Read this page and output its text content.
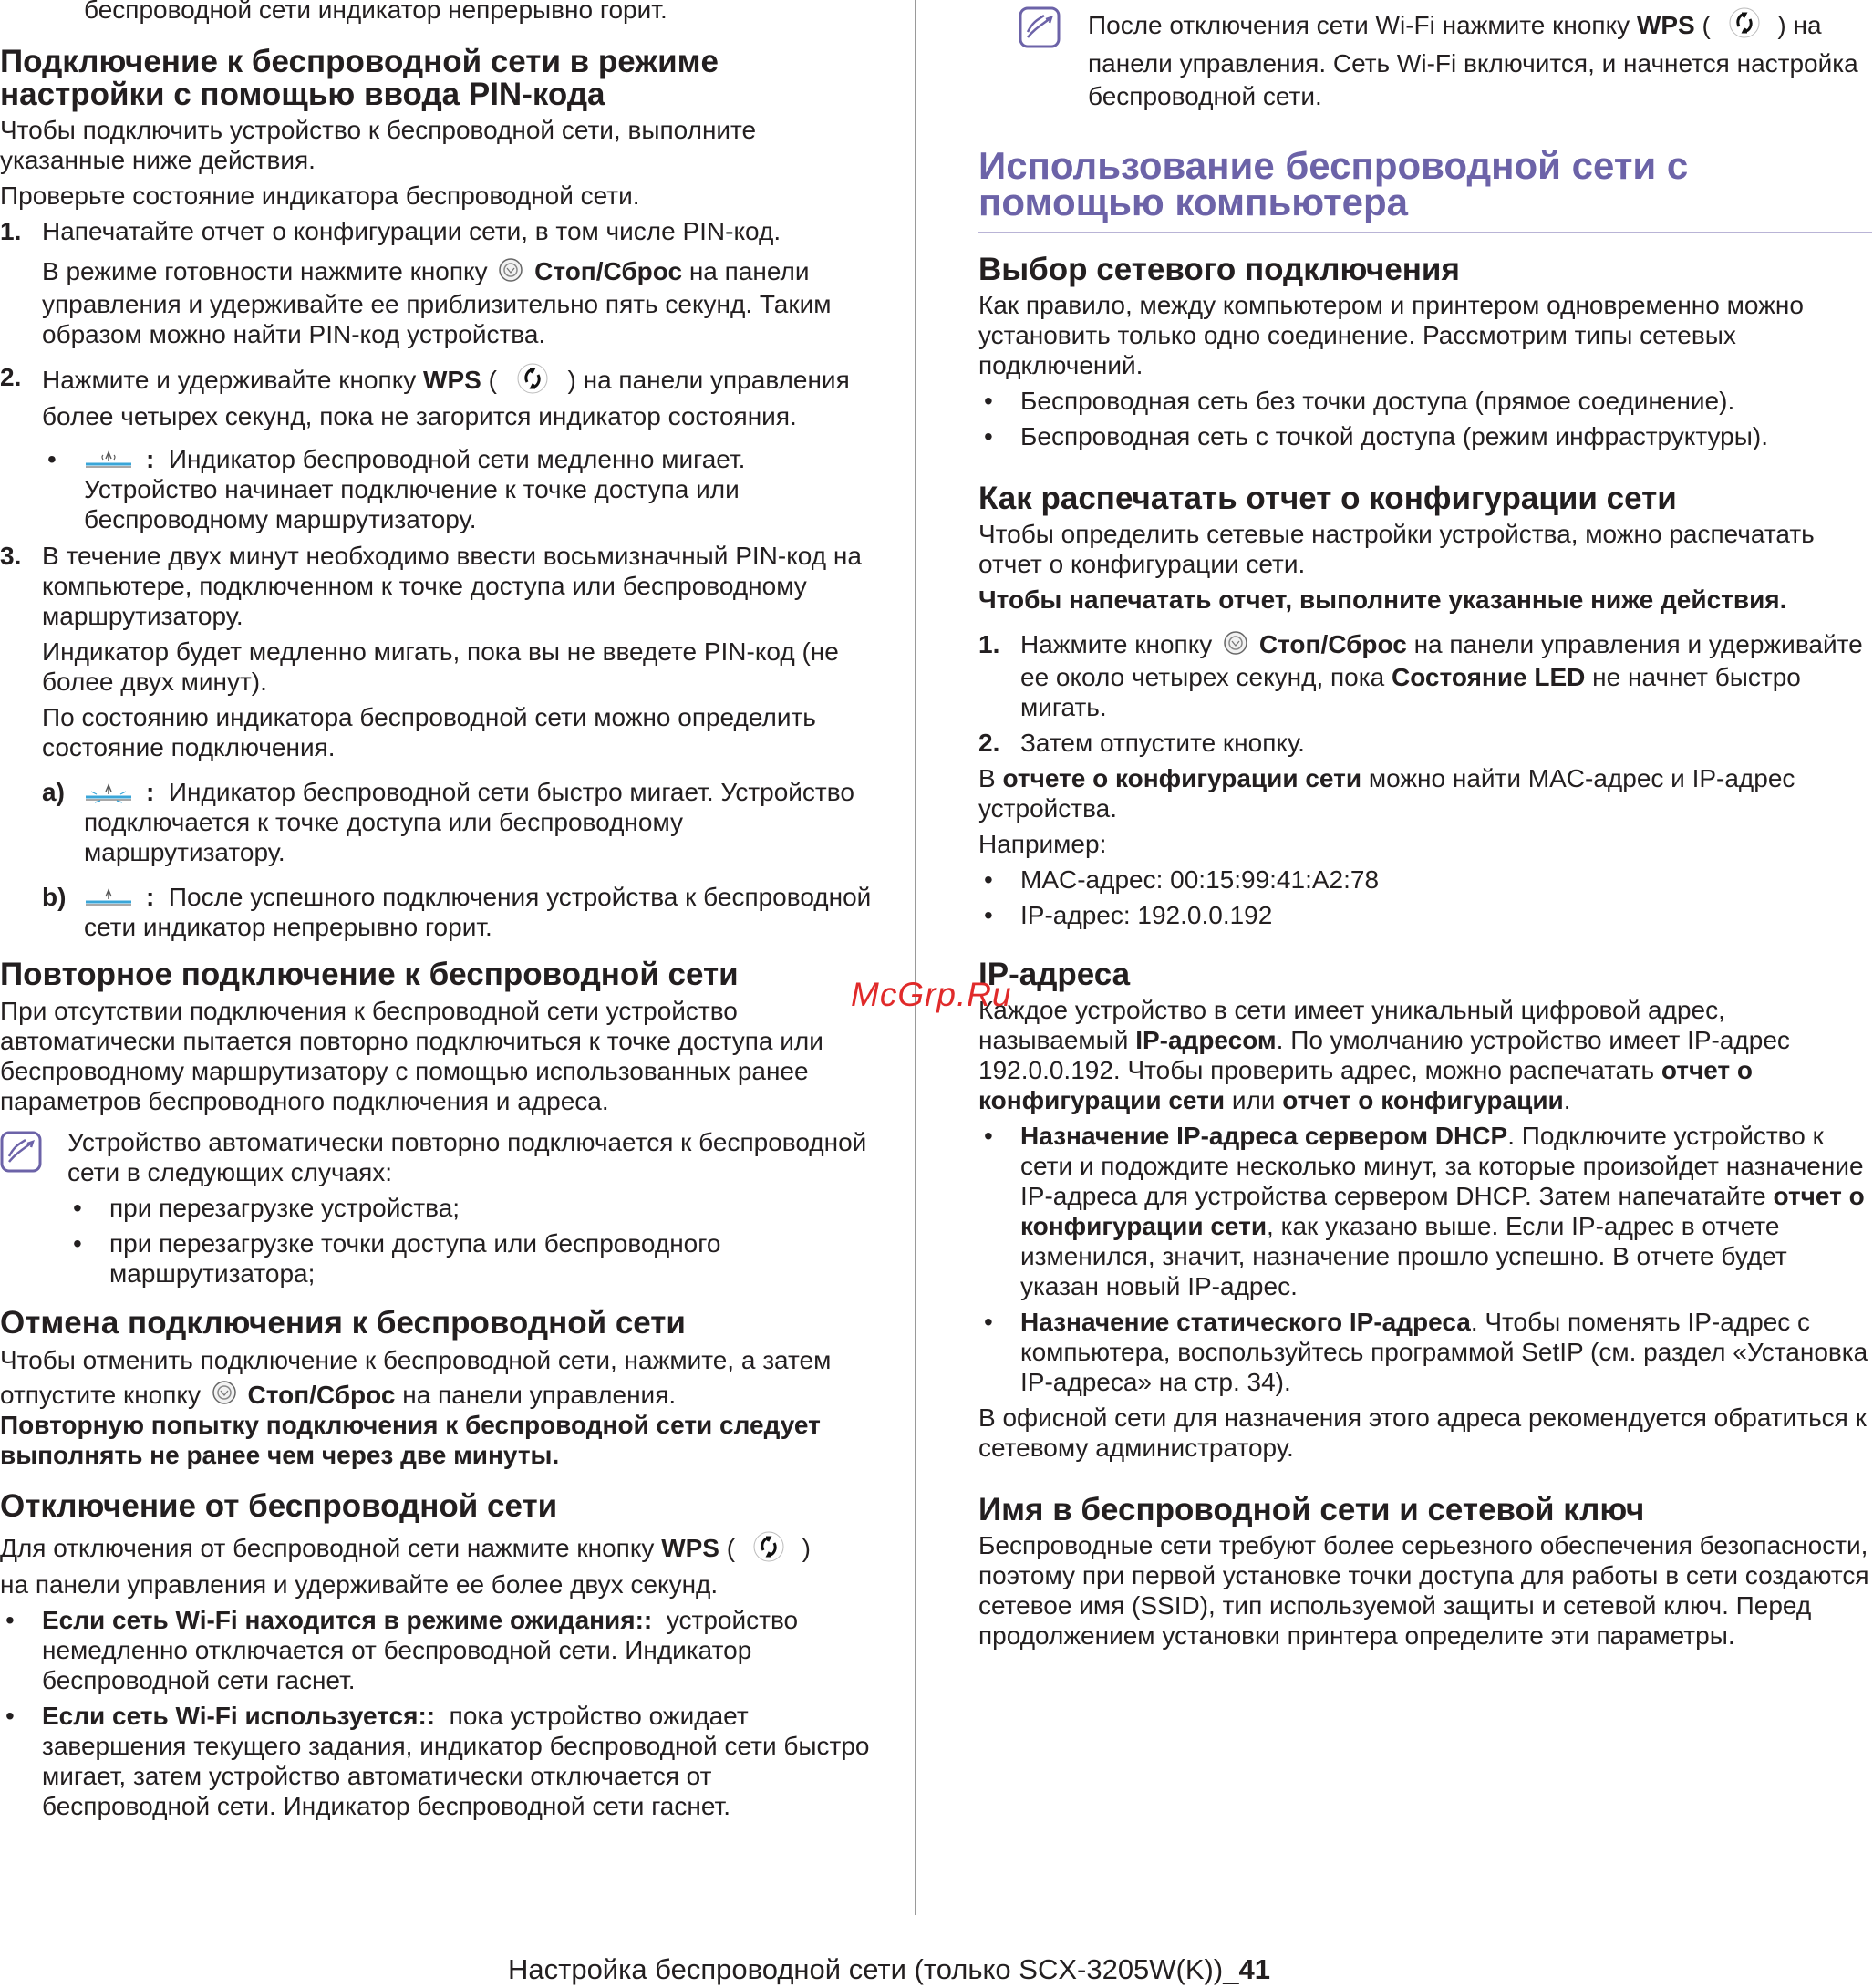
беспроводной сети индикатор непрерывно горит.

Подключение к беспроводной сети в режиме настройки с помощью ввода PIN-кода

Чтобы подключить устройство к беспроводной сети, выполните указанные ниже действия.

Проверьте состояние индикатора беспроводной сети.

1. Напечатайте отчет о конфигурации сети, в том числе PIN-код.
В режиме готовности нажмите кнопку Стоп/Сброс на панели управления и удерживайте ее приблизительно пять секунд. Таким образом можно найти PIN-код устройства.
2. Нажмите и удерживайте кнопку WPS (	) на панели управления более четырех секунд, пока не загорится индикатор состояния.
•	: Индикатор беспроводной сети медленно мигает. Устройство начинает подключение к точке доступа или беспроводному маршрутизатору.
3. В течение двух минут необходимо ввести восьмизначный PIN-код на компьютере, подключенном к точке доступа или беспроводному маршрутизатору.

Индикатор будет медленно мигать, пока вы не введете PIN-код (не более двух минут).

По состоянию индикатора беспроводной сети можно определить состояние подключения.

a)	: Индикатор беспроводной сети быстро мигает. Устройство подключается к точке доступа или беспроводному маршрутизатору.
b)	: После успешного подключения устройства к беспроводной сети индикатор непрерывно горит.
Повторное подключение к беспроводной сети

При отсутствии подключения к беспроводной сети устройство автоматически пытается повторно подключиться к точке доступа или беспроводному маршрутизатору с помощью использованных ранее параметров беспроводного подключения и адреса.

Устройство автоматически повторно подключается к беспроводной сети в следующих случаях:
• при перезагрузке устройства;
• при перезагрузке точки доступа или беспроводного маршрутизатора;
Отмена подключения к беспроводной сети

Чтобы отменить подключение к беспроводной сети, нажмите, а затем отпустите кнопку Стоп/Сброс на панели управления.

Повторную попытку подключения к беспроводной сети следует выполнять не ранее чем через две минуты.

Отключение от беспроводной сети

Для отключения от беспроводной сети нажмите кнопку WPS (	)
на панели управления и удерживайте ее более двух секунд.

• Если сеть Wi-Fi находится в режиме ожидания:: устройство немедленно отключается от беспроводной сети. Индикатор беспроводной сети гаснет.
• Если сеть Wi-Fi используется:: пока устройство ожидает завершения текущего задания, индикатор беспроводной сети быстро мигает, затем устройство автоматически отключается от беспроводной сети. Индикатор беспроводной сети гаснет.
После отключения сети Wi-Fi нажмите кнопку WPS (	) на панели управления. Сеть Wi-Fi включится, и начнется настройка беспроводной сети.
Использование беспроводной сети с помощью компьютера
Выбор сетевого подключения

Как правило, между компьютером и принтером одновременно можно установить только одно соединение. Рассмотрим типы сетевых подключений.

• Беспроводная сеть без точки доступа (прямое соединение).
• Беспроводная сеть с точкой доступа (режим инфраструктуры).
Как распечатать отчет о конфигурации сети

Чтобы определить сетевые настройки устройства, можно распечатать отчет о конфигурации сети.

Чтобы напечатать отчет, выполните указанные ниже действия.

1. Нажмите кнопку Стоп/Сброс на панели управления и удерживайте ее около четырех секунд, пока Состояние LED не начнет быстро мигать.
2. Затем отпустите кнопку.

В отчете о конфигурации сети можно найти MAC-адрес и IP-адрес устройства.

Например:

• MAC-адрес: 00:15:99:41:A2:78
• IP-адрес: 192.0.0.192
IP-адреса

Каждое устройство в сети имеет уникальный цифровой адрес, называемый IP-адресом. По умолчанию устройство имеет IP-адрес 192.0.0.192. Чтобы проверить адрес, можно распечатать отчет о конфигурации сети или отчет о конфигурации.

• Назначение IP-адреса сервером DHCP. Подключите устройство к сети и подождите несколько минут, за которые произойдет назначение IP-адреса для устройства сервером DHCP. Затем напечатайте отчет о конфигурации сети, как указано выше. Если IP-адрес в отчете изменился, значит, назначение прошло успешно. В отчете будет указан новый IP-адрес.
• Назначение статического IP-адреса. Чтобы поменять IP-адрес с компьютера, воспользуйтесь программой SetIP (см. раздел «Установка IP-адреса» на стр. 34).

В офисной сети для назначения этого адреса рекомендуется обратиться к сетевому администратору.

Имя в беспроводной сети и сетевой ключ

Беспроводные сети требуют более серьезного обеспечения безопасности, поэтому при первой установке точки доступа для работы в сети создаются сетевое имя (SSID), тип используемой защиты и сетевой ключ. Перед продолжением установки принтера определите эти параметры.

McGrp.Ru
Настройка беспроводной сети (только SCX-3205W(K))_41
